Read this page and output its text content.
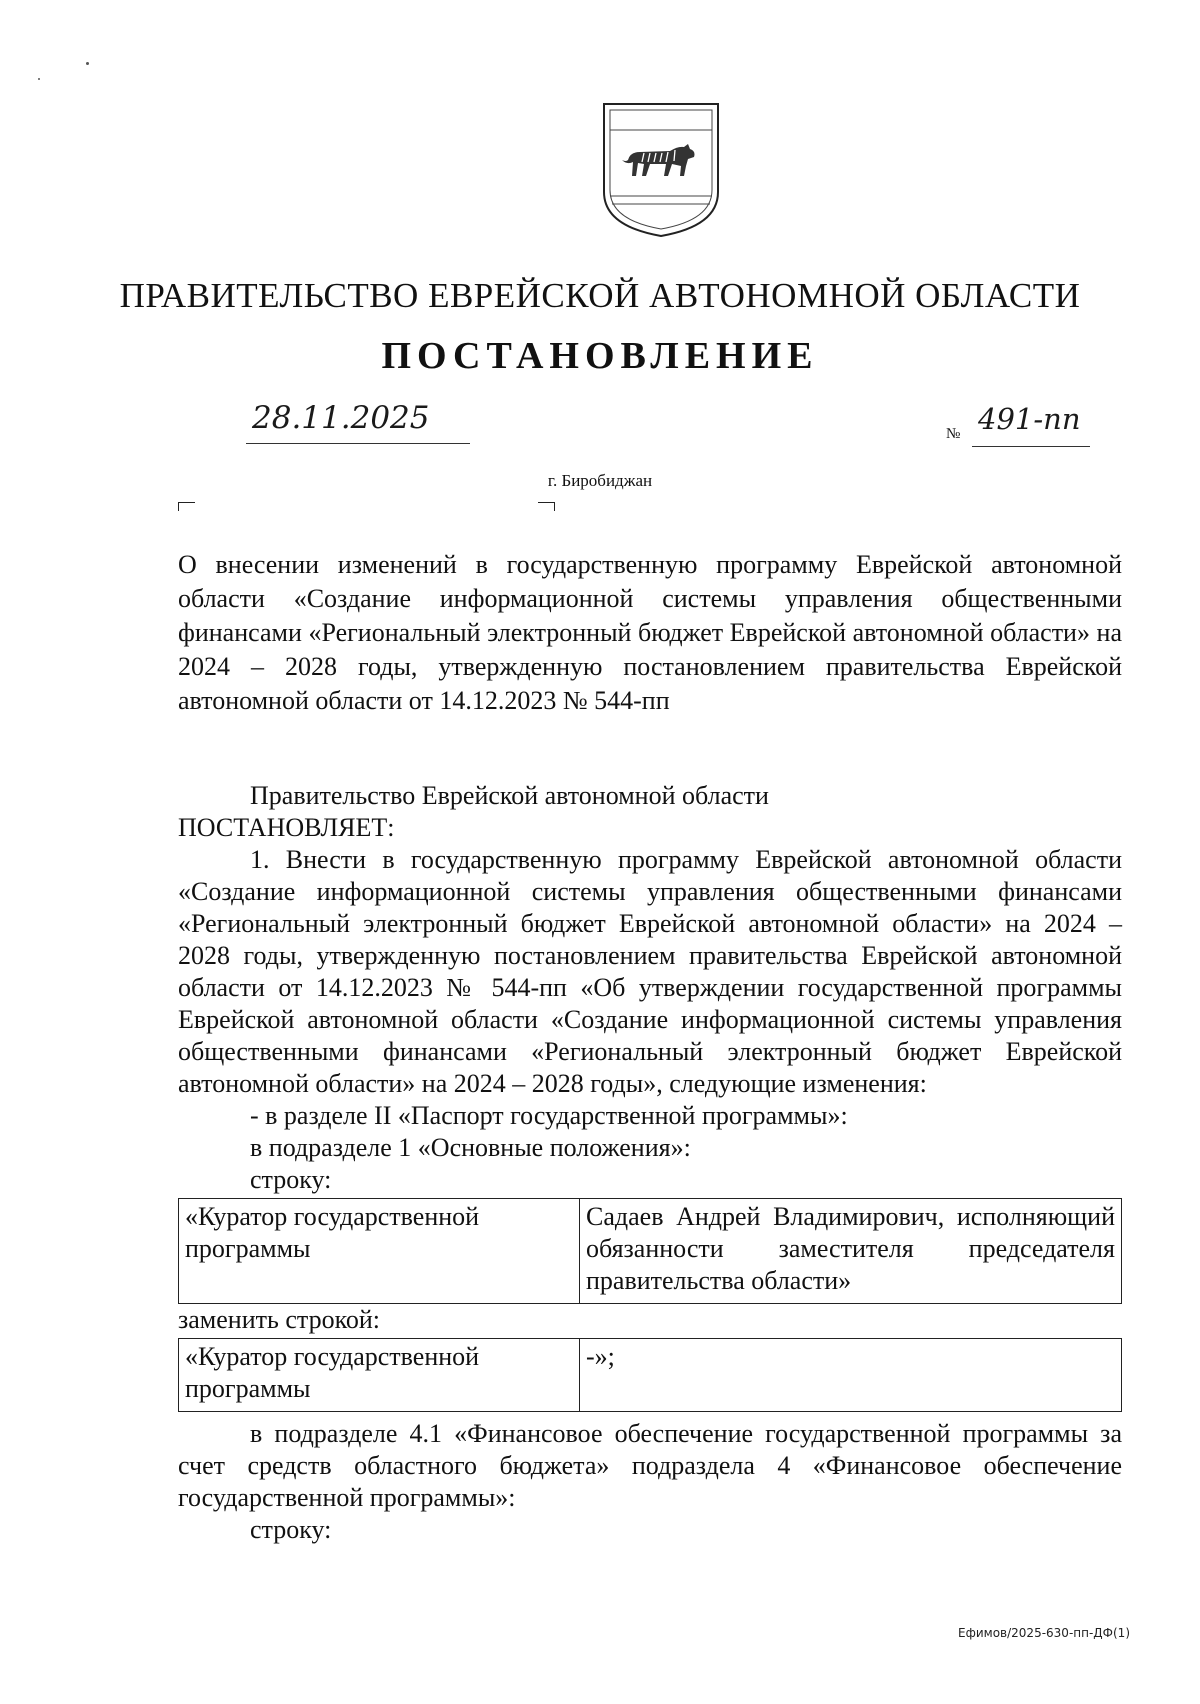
ПРАВИТЕЛЬСТВО ЕВРЕЙСКОЙ АВТОНОМНОЙ ОБЛАСТИ
ПОСТАНОВЛЕНИЕ
28.11.2025	№ 491-пп
г. Биробиджан
О внесении изменений в государственную программу Еврейской автономной области «Создание информационной системы управления общественными финансами «Региональный электронный бюджет Еврейской автономной области» на 2024 – 2028 годы, утвержденную постановлением правительства Еврейской автономной области от 14.12.2023 № 544-пп

Правительство Еврейской автономной области

ПОСТАНОВЛЯЕТ:

1. Внести в государственную программу Еврейской автономной области «Создание информационной системы управления общественными финансами «Региональный электронный бюджет Еврейской автономной области» на 2024 – 2028 годы, утвержденную постановлением правительства Еврейской автономной области от 14.12.2023 № 544-пп «Об утверждении государственной программы Еврейской автономной области «Создание информационной системы управления общественными финансами «Региональный электронный бюджет Еврейской автономной области» на 2024 – 2028 годы», следующие изменения:

- в разделе II «Паспорт государственной программы»:

в подразделе 1 «Основные положения»:

строку:

«Куратор государственной программы	Садаев Андрей Владимирович, исполняющий обязанности заместителя председателя правительства области»

заменить строкой:

«Куратор государственной программы	-»;

в подразделе 4.1 «Финансовое обеспечение государственной программы за счет средств областного бюджета» подраздела 4 «Финансовое обеспечение государственной программы»:

строку:

Ефимов/2025-630-пп-ДФ(1)
